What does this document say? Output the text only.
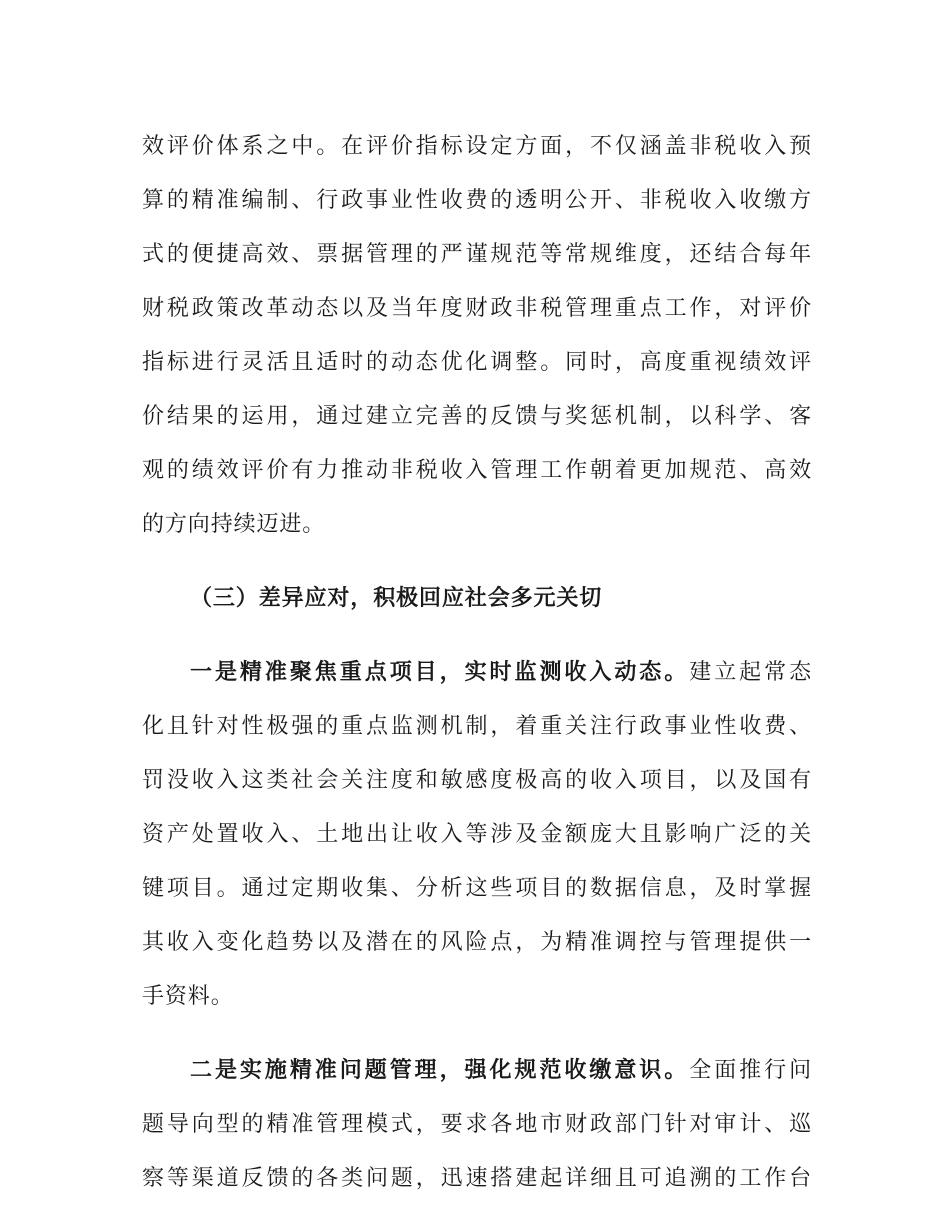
效评价体系之中。在评价指标设定方面，不仅涵盖非税收入预
算的精准编制、行政事业性收费的透明公开、非税收入收缴方
式的便捷高效、票据管理的严谨规范等常规维度，还结合每年
财税政策改革动态以及当年度财政非税管理重点工作，对评价
指标进行灵活且适时的动态优化调整。同时，高度重视绩效评
价结果的运用，通过建立完善的反馈与奖惩机制，以科学、客
观的绩效评价有力推动非税收入管理工作朝着更加规范、高效
的方向持续迈进。
（三）差异应对，积极回应社会多元关切
一是精准聚焦重点项目，实时监测收入动态。建立起常态
化且针对性极强的重点监测机制，着重关注行政事业性收费、
罚没收入这类社会关注度和敏感度极高的收入项目，以及国有
资产处置收入、土地出让收入等涉及金额庞大且影响广泛的关
键项目。通过定期收集、分析这些项目的数据信息，及时掌握
其收入变化趋势以及潜在的风险点，为精准调控与管理提供一
手资料。
二是实施精准问题管理，强化规范收缴意识。全面推行问
题导向型的精准管理模式，要求各地市财政部门针对审计、巡
察等渠道反馈的各类问题，迅速搭建起详细且可追溯的工作台
